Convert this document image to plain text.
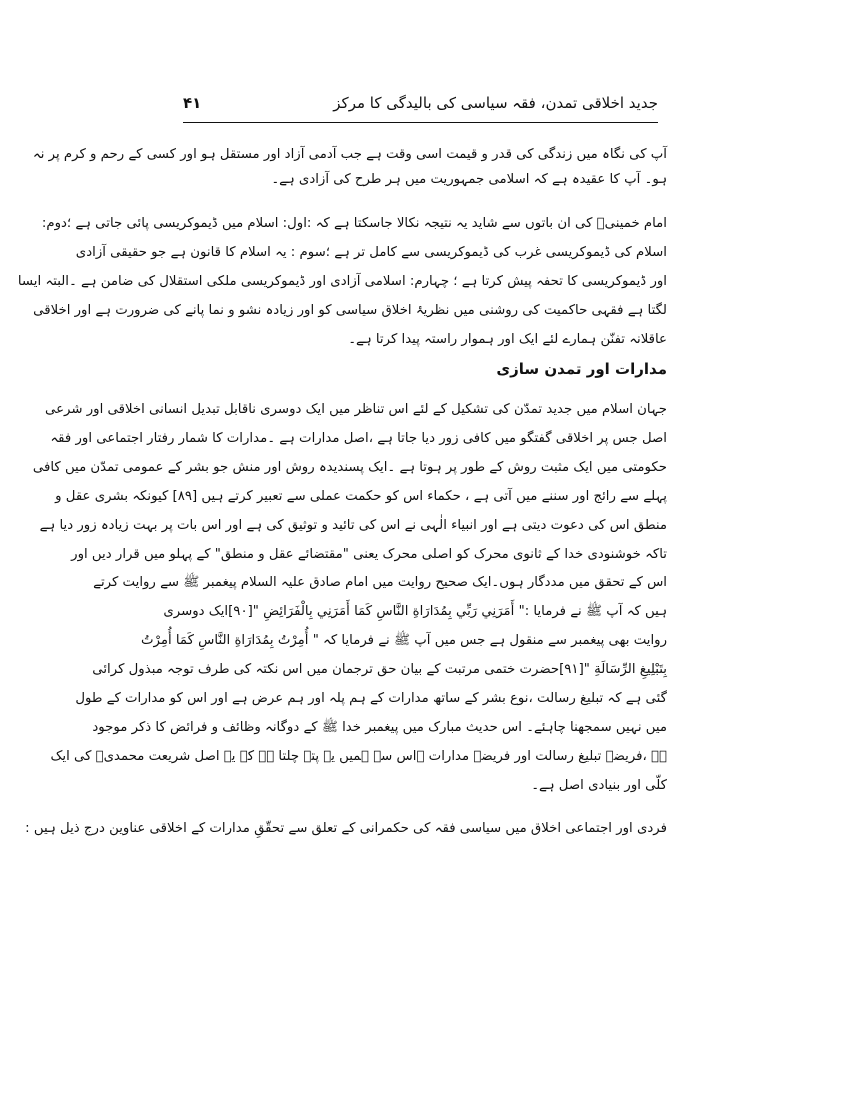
جدید اخلاقی تمدن، فقہ سیاسی کی بالیدگی کا مرکز
۴۱
آپ کی نگاہ میں زندگی کی قدر و قیمت اسی وقت ہے جب آدمی آزاد اور مستقل ہو اور کسی کے رحم و کرم پر نہ
ہو۔ آپ کا عقیدہ ہے کہ اسلامی جمہوریت میں ہر طرح کی آزادی ہے۔
امام خمینیؒ کی ان باتوں سے شاید یہ نتیجہ نکالا جاسکتا ہے کہ :اول: اسلام میں ڈیموکریسی پائی جاتی ہے ؛دوم:
اسلام کی ڈیموکریسی غرب کی ڈیموکریسی سے کامل تر ہے ؛سوم : یہ اسلام کا قانون ہے جو حقیقی آزادی
اور ڈیموکریسی کا تحفہ پیش کرتا ہے ؛ چہارم: اسلامی آزادی اور ڈیموکریسی ملکی استقلال کی ضامن ہے ۔البتہ ایسا
لگتا ہے فقہی حاکمیت کی روشنی میں نظریۂ اخلاق سیاسی کو اور زیادہ نشو و نما پانے کی ضرورت ہے اور اخلاقی
عاقلانہ تفنّن ہمارے لئے ایک اور ہموار راستہ پیدا کرتا ہے۔
مدارات اور تمدن سازی
جہان اسلام میں جدید تمدّن کی تشکیل کے لئے اس تناظر میں ایک دوسری ناقابل تبدیل انسانی اخلاقی اور شرعی
اصل جس پر اخلاقی گفتگو میں کافی زور دیا جاتا ہے ،اصل مدارات ہے ۔مدارات کا شمار رفتار اجتماعی اور فقہ
حکومتی میں ایک مثبت روش کے طور پر ہوتا ہے ۔ایک پسندیدہ روش اور منش جو بشر کے عمومی تمدّن میں کافی
پہلے سے رائج اور سننے میں آتی ہے ، حکماء اس کو حکمت عملی سے تعبیر کرتے ہیں [۸۹] کیونکہ بشری عقل و
منطق اس کی دعوت دیتی ہے اور انبیاء الٰہی نے اس کی تائید و توثیق کی ہے اور اس بات پر بہت زیادہ زور دیا ہے
تاکہ خوشنودی خدا کے ثانوی محرک کو اصلی محرک یعنی "مقتضائے عقل و منطق" کے پہلو میں قرار دیں اور
اس کے تحقق میں مددگار ہوں۔ایک صحیح روایت میں امام صادق علیہ السلام پیغمبر ﷺ سے روایت کرتے
ہیں کہ آپ ﷺ نے فرمایا :" أَمَرَنِي رَبِّي بِمُدَارَاةِ النَّاسِ كَمَا أَمَرَنِي بِالْفَرَائِضِ "[۹۰]ایک دوسری
روایت بھی پیغمبر سے منقول ہے جس میں آپ ﷺ نے فرمایا کہ " أُمِرْتُ بِمُدَارَاةِ النَّاسِ كَمَا أُمِرْتُ
بِتَبْلِيغِ الرِّسَالَةِ "[۹۱]حضرت ختمی مرتبت کے بیان حق ترجمان میں اس نکتہ کی طرف توجہ مبذول کرائی
گئی ہے کہ تبلیغ رسالت ،نوع بشر کے ساتھ مدارات کے ہم پلہ اور ہم عرض ہے اور اس کو مدارات کے طول
میں نہیں سمجھنا چاہئے۔ اس حدیث مبارک میں پیغمبر خدا ﷺ کے دوگانہ وظائف و فرائض کا ذکر موجود
ہے ،فریضۂ تبلیغ رسالت اور فریضۂ مدارات ۔اس سے ہمیں یہ پتہ چلتا ہے کہ یہ اصل شریعت محمدیؐ کی ایک
کلّی اور بنیادی اصل ہے۔
فردی اور اجتماعی اخلاق میں سیاسی فقہ کی حکمرانی کے تعلق سے تحقّقِ مدارات کے اخلاقی عناوین درج ذیل ہیں :
